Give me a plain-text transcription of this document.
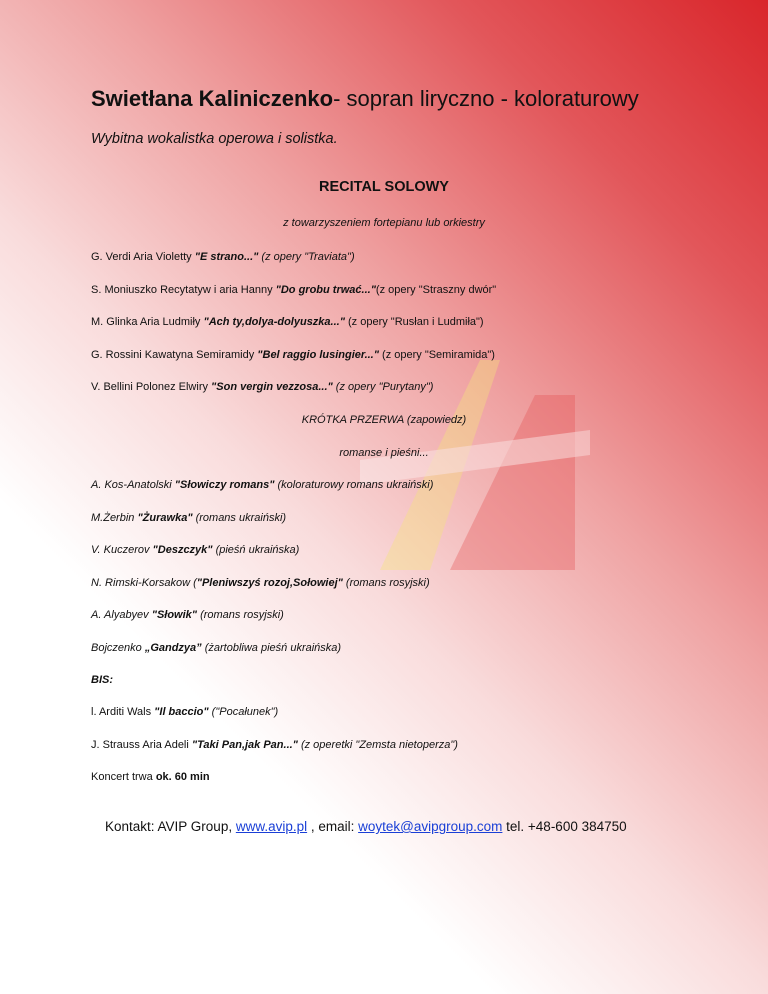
Swietłana Kaliniczenko- sopran liryczno - koloraturowy
Wybitna wokalistka operowa i solistka.
RECITAL SOLOWY
z towarzyszeniem fortepianu lub orkiestry
G. Verdi Aria Violetty "E strano..." (z opery "Traviata")
S. Moniuszko Recytatyw i aria Hanny "Do grobu trwać..."(z opery "Straszny dwór"
M. Glinka Aria Ludmiły "Ach ty,dolya-dolyuszka..." (z opery "Rusłan i Ludmiła")
G. Rossini Kawatyna Semiramidy "Bel raggio lusingier..." (z opery "Semiramida")
V. Bellini Polonez Elwiry "Son vergin vezzosa..." (z opery "Purytany")
KRÓTKA PRZERWA (zapowiedz)
romanse i pieśni...
A. Kos-Anatolski "Słowiczy romans" (koloraturowy romans ukraiński)
M.Żerbin "Żurawka" (romans ukraiński)
V. Kuczerov "Deszczyk" (pieśń ukraińska)
N. Rimski-Korsakow ("Pleniwszyś rozoj,Sołowiej" (romans rosyjski)
A. Alyabyev "Słowik" (romans rosyjski)
Bojczenko „Gandzya” (żartobliwa pieśń ukraińska)
BIS:
l. Arditi Wals "Il baccio" ("Pocałunek")
J. Strauss Aria Adeli "Taki Pan,jak Pan..." (z operetki "Zemsta nietoperza")
Koncert trwa ok. 60 min
Kontakt: AVIP Group, www.avip.pl , email: woytek@avipgroup.com tel. +48-600 384750
